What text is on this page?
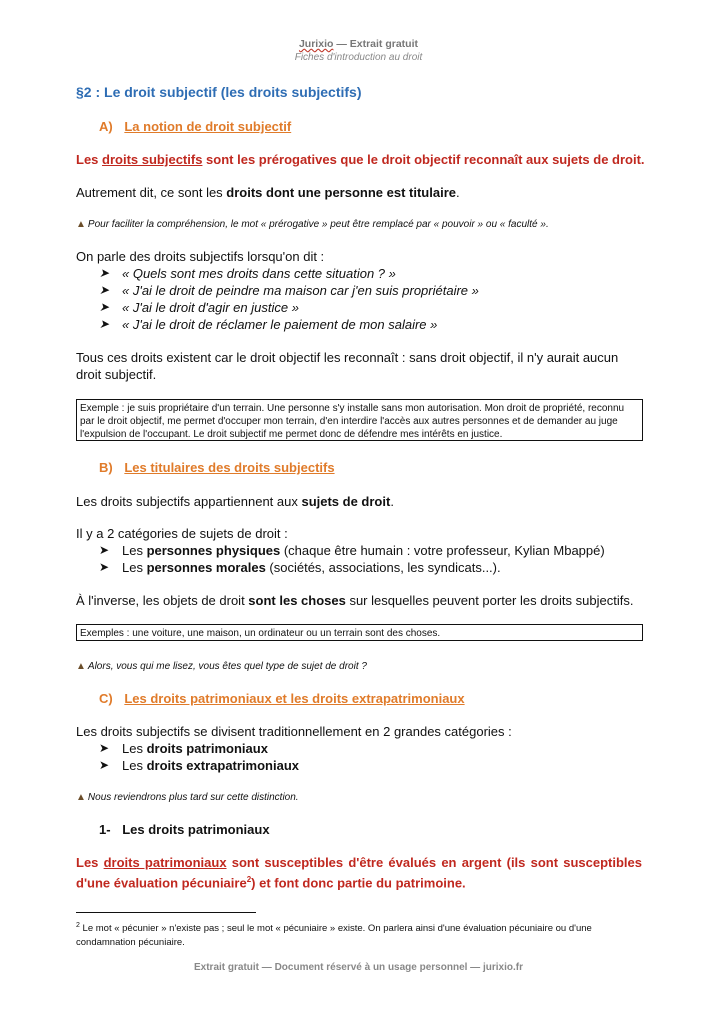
Jurixio — Extrait gratuit
Fiches d'introduction au droit
§2 : Le droit subjectif (les droits subjectifs)
A) La notion de droit subjectif
Les droits subjectifs sont les prérogatives que le droit objectif reconnaît aux sujets de droit.
Autrement dit, ce sont les droits dont une personne est titulaire.
▲ Pour faciliter la compréhension, le mot « prérogative » peut être remplacé par « pouvoir » ou « faculté ».
On parle des droits subjectifs lorsqu'on dit :
➤ « Quels sont mes droits dans cette situation ? »
➤ « J'ai le droit de peindre ma maison car j'en suis propriétaire »
➤ « J'ai le droit d'agir en justice »
➤ « J'ai le droit de réclamer le paiement de mon salaire »
Tous ces droits existent car le droit objectif les reconnaît : sans droit objectif, il n'y aurait aucun droit subjectif.
Exemple : je suis propriétaire d'un terrain. Une personne s'y installe sans mon autorisation. Mon droit de propriété, reconnu par le droit objectif, me permet d'occuper mon terrain, d'en interdire l'accès aux autres personnes et de demander au juge l'expulsion de l'occupant. Le droit subjectif me permet donc de défendre mes intérêts en justice.
B) Les titulaires des droits subjectifs
Les droits subjectifs appartiennent aux sujets de droit.
Il y a 2 catégories de sujets de droit :
➤ Les personnes physiques (chaque être humain : votre professeur, Kylian Mbappé)
➤ Les personnes morales (sociétés, associations, les syndicats...).
À l'inverse, les objets de droit sont les choses sur lesquelles peuvent porter les droits subjectifs.
Exemples : une voiture, une maison, un ordinateur ou un terrain sont des choses.
▲ Alors, vous qui me lisez, vous êtes quel type de sujet de droit ?
C) Les droits patrimoniaux et les droits extrapatrimoniaux
Les droits subjectifs se divisent traditionnellement en 2 grandes catégories :
➤ Les droits patrimoniaux
➤ Les droits extrapatrimoniaux
▲ Nous reviendrons plus tard sur cette distinction.
1- Les droits patrimoniaux
Les droits patrimoniaux sont susceptibles d'être évalués en argent (ils sont susceptibles d'une évaluation pécuniaire$^2$) et font donc partie du patrimoine.
$^2$ Le mot « pécunier » n'existe pas ; seul le mot « pécuniaire » existe. On parlera ainsi d'une évaluation pécuniaire ou d'une condamnation pécuniaire.
Extrait gratuit — Document réservé à un usage personnel — jurixio.fr
